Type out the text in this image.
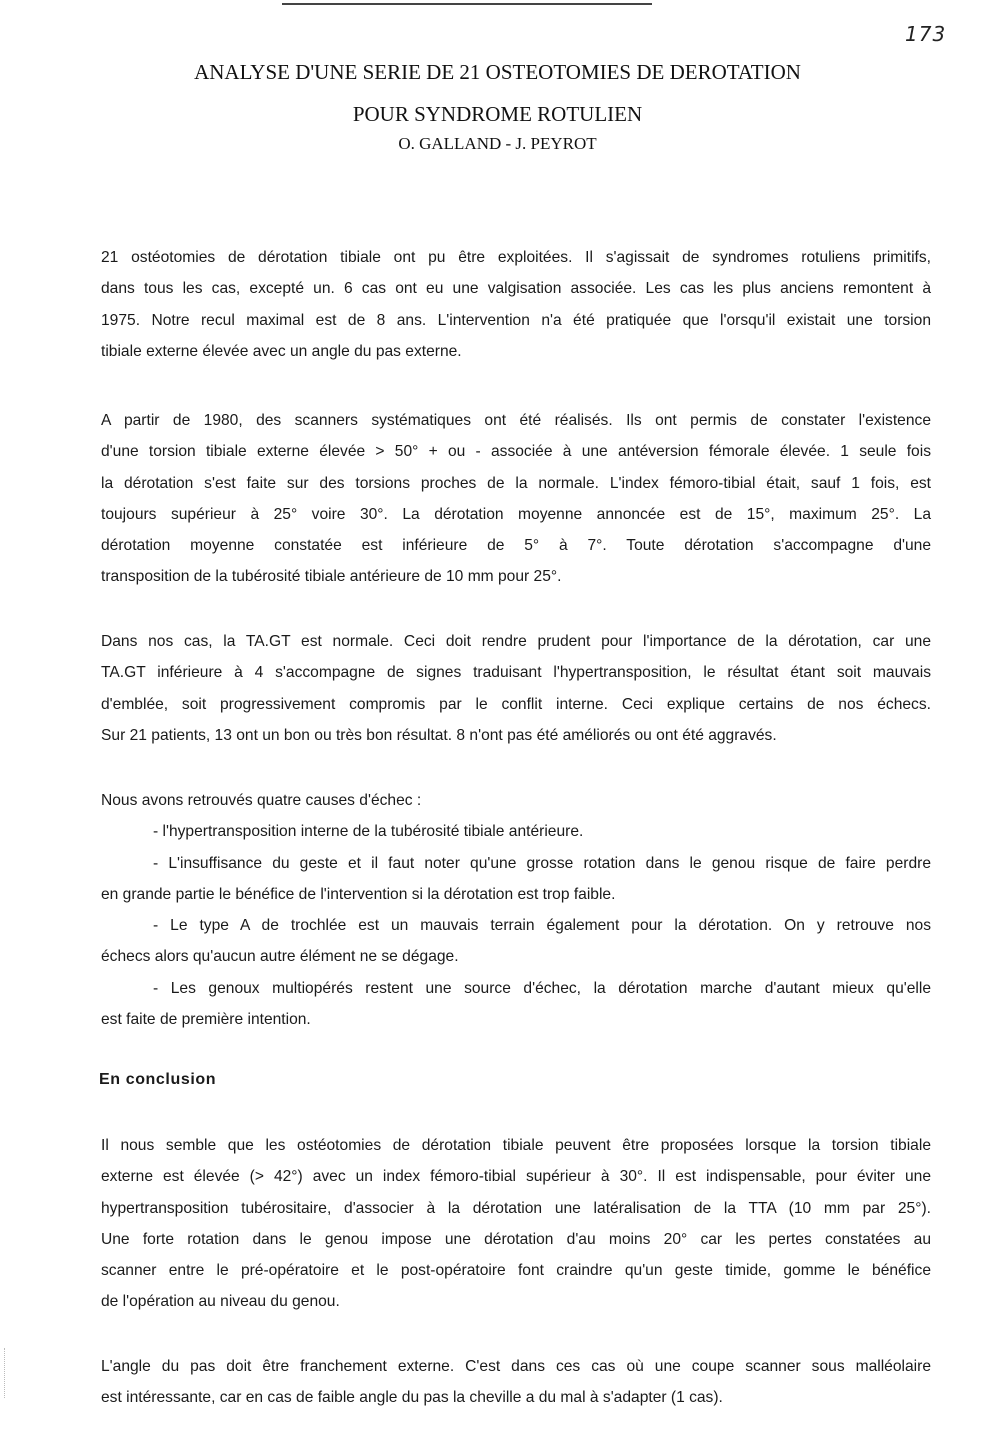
173
ANALYSE D'UNE SERIE DE 21 OSTEOTOMIES DE DEROTATION
POUR SYNDROME ROTULIEN
O. GALLAND - J. PEYROT
21 ostéotomies de dérotation tibiale ont pu être exploitées. Il s'agissait de syndromes rotuliens primitifs,
dans tous les cas, excepté un. 6 cas ont eu une valgisation associée. Les cas les plus anciens remontent à
1975. Notre recul maximal est de 8 ans. L'intervention n'a été pratiquée que l'orsqu'il existait une torsion
tibiale externe élevée avec un angle du pas externe.
A partir de 1980, des scanners systématiques ont été réalisés. Ils ont permis de constater l'existence
d'une torsion tibiale externe élevée > 50° + ou - associée à une antéversion fémorale élevée. 1 seule fois
la dérotation s'est faite sur des torsions proches de la normale. L'index fémoro-tibial était, sauf 1 fois, est
toujours supérieur à 25° voire 30°. La dérotation moyenne annoncée est de 15°, maximum 25°. La
dérotation moyenne constatée est inférieure de 5° à 7°. Toute dérotation s'accompagne d'une
transposition de la tubérosité tibiale antérieure de 10 mm pour 25°.
Dans nos cas, la TA.GT est normale. Ceci doit rendre prudent pour l'importance de la dérotation, car une
TA.GT inférieure à 4 s'accompagne de signes traduisant l'hypertransposition, le résultat étant soit mauvais
d'emblée, soit progressivement compromis par le conflit interne. Ceci explique certains de nos échecs.
Sur 21 patients, 13 ont un bon ou très bon résultat. 8 n'ont pas été améliorés ou ont été aggravés.
Nous avons retrouvés quatre causes d'échec :
- l'hypertransposition interne de la tubérosité tibiale antérieure.
- L'insuffisance du geste et il faut noter qu'une grosse rotation dans le genou risque de faire perdre
en grande partie le bénéfice de l'intervention si la dérotation est trop faible.
- Le type A de trochlée est un mauvais terrain également pour la dérotation. On y retrouve nos
échecs alors qu'aucun autre élément ne se dégage.
- Les genoux multiopérés restent une source d'échec, la dérotation marche d'autant mieux qu'elle
est faite de première intention.
En conclusion
Il nous semble que les ostéotomies de dérotation tibiale peuvent être proposées lorsque la torsion tibiale
externe est élevée (> 42°) avec un index fémoro-tibial supérieur à 30°. Il est indispensable, pour éviter une
hypertransposition tubérositaire, d'associer à la dérotation une latéralisation de la TTA (10 mm par 25°).
Une forte rotation dans le genou impose une dérotation d'au moins 20° car les pertes constatées au
scanner entre le pré-opératoire et le post-opératoire font craindre qu'un geste timide, gomme le bénéfice
de l'opération au niveau du genou.
L'angle du pas doit être franchement externe. C'est dans ces cas où une coupe scanner sous malléolaire
est intéressante, car en cas de faible angle du pas la cheville a du mal à s'adapter (1 cas).
